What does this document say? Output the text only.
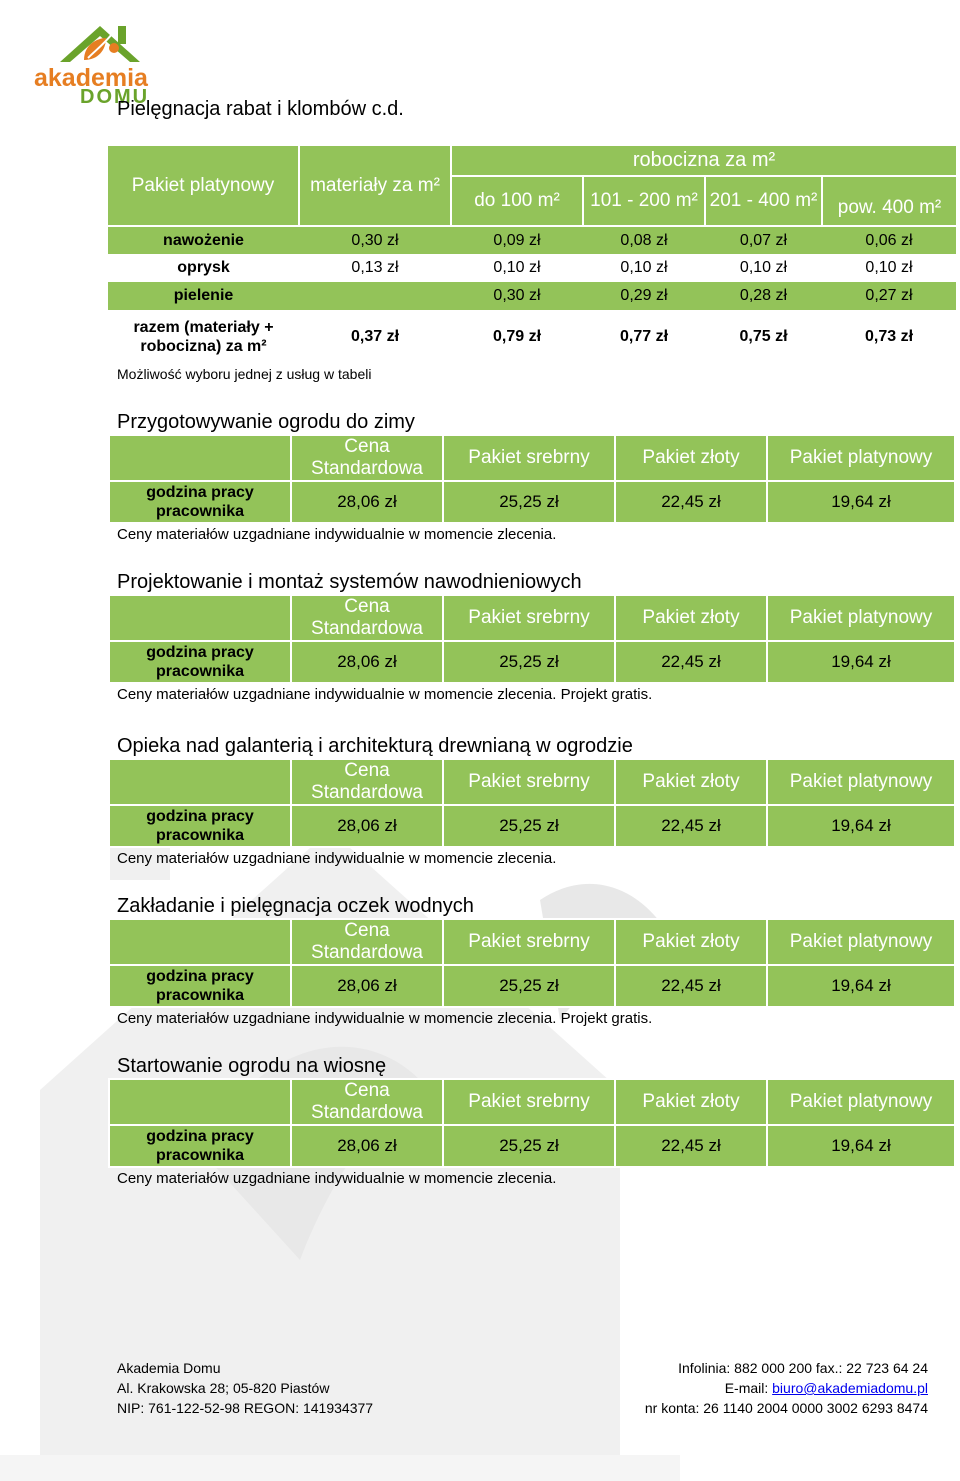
akademia
DOMU
Pielęgnacja rabat i klombów c.d.
Pakiet platynowy	materiały za m²	robocizna za m²			
		do 100 m²	101 - 200 m²	201 - 400 m²	pow. 400 m²
nawożenie	0,30 zł	0,09 zł	0,08 zł	0,07 zł	0,06 zł
oprysk	0,13 zł	0,10 zł	0,10 zł	0,10 zł	0,10 zł
pielenie		0,30 zł	0,29 zł	0,28 zł	0,27 zł

razem (materiały +
robocizna) za m²	0,37 zł	0,79 zł	0,77 zł	0,75 zł	0,73 zł
Możliwość wyboru jednej z usług w tabeli
Przygotowywanie ogrodu do zimy
	Cena Standardowa	Pakiet srebrny	Pakiet złoty	Pakiet platynowy

godzina pracy
pracownika	28,06 zł	25,25 zł	22,45 zł	19,64 zł
Ceny materiałów uzgadniane indywidualnie w momencie zlecenia.
Projektowanie i montaż systemów nawodnieniowych
	Cena Standardowa	Pakiet srebrny	Pakiet złoty	Pakiet platynowy

godzina pracy
pracownika	28,06 zł	25,25 zł	22,45 zł	19,64 zł
Ceny materiałów uzgadniane indywidualnie w momencie zlecenia. Projekt gratis.
Opieka nad galanterią i architekturą drewnianą w ogrodzie
	Cena Standardowa	Pakiet srebrny	Pakiet złoty	Pakiet platynowy

godzina pracy
pracownika	28,06 zł	25,25 zł	22,45 zł	19,64 zł
Ceny materiałów uzgadniane indywidualnie w momencie zlecenia.
Zakładanie i pielęgnacja oczek wodnych
	Cena Standardowa	Pakiet srebrny	Pakiet złoty	Pakiet platynowy

godzina pracy
pracownika	28,06 zł	25,25 zł	22,45 zł	19,64 zł
Ceny materiałów uzgadniane indywidualnie w momencie zlecenia. Projekt gratis.
Startowanie ogrodu na wiosnę
	Cena Standardowa	Pakiet srebrny	Pakiet złoty	Pakiet platynowy

godzina pracy
pracownika	28,06 zł	25,25 zł	22,45 zł	19,64 zł
Ceny materiałów uzgadniane indywidualnie w momencie zlecenia.
Akademia Domu
Al. Krakowska 28; 05-820 Piastów
NIP: 761-122-52-98 REGON: 141934377
Infolinia: 882 000 200 fax.: 22 723 64 24
E-mail: biuro@akademiadomu.pl
nr konta: 26 1140 2004 0000 3002 6293 8474
